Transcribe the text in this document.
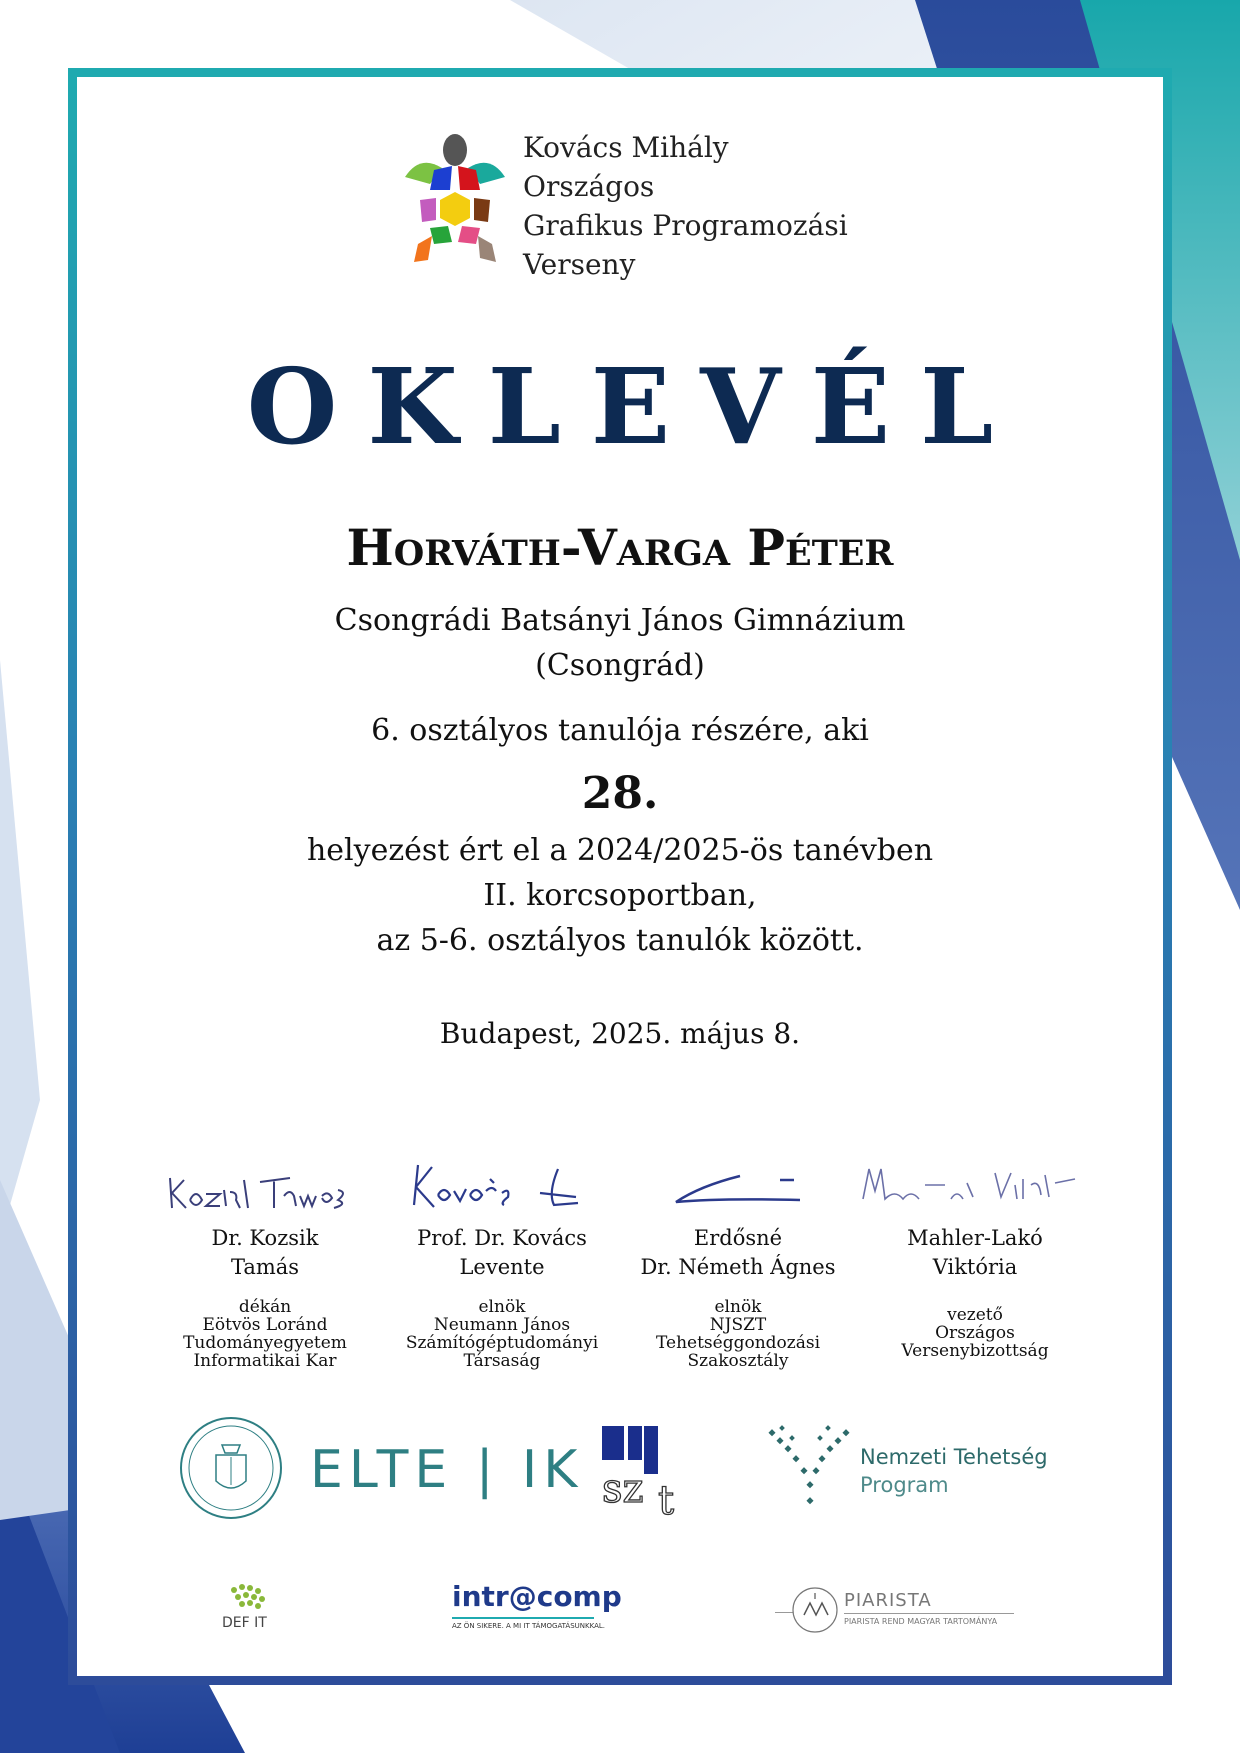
Kovács Mihály
Országos
Grafikus Programozási
Verseny
OKLEVÉL
Horváth-Varga Péter
Csongrádi Batsányi János Gimnázium
(Csongrád)
6. osztályos tanulója részére, aki
28.
helyezést ért el a 2024/2025-ös tanévben
II. korcsoportban,
az 5-6. osztályos tanulók között.
Budapest, 2025. május 8.
Dr. Kozsik
Tamás
dékán
Eötvös Loránd
Tudományegyetem
Informatikai Kar
Prof. Dr. Kovács
Levente
elnök
Neumann János
Számítógéptudományi
Társaság
Erdősné
Dr. Németh Ágnes
elnök
NJSZT
Tehetséggondozási
Szakosztály
Mahler-Lakó
Viktória
vezető
Országos
Versenybizottság
ELTE | IK sz t
Nemzeti Tehetség
Program
DEF IT
intr@comp
AZ ÖN SIKERE. A MI IT TÁMOGATÁSUNKKAL.
PIARISTA
PIARISTA REND MAGYAR TARTOMÁNYA
